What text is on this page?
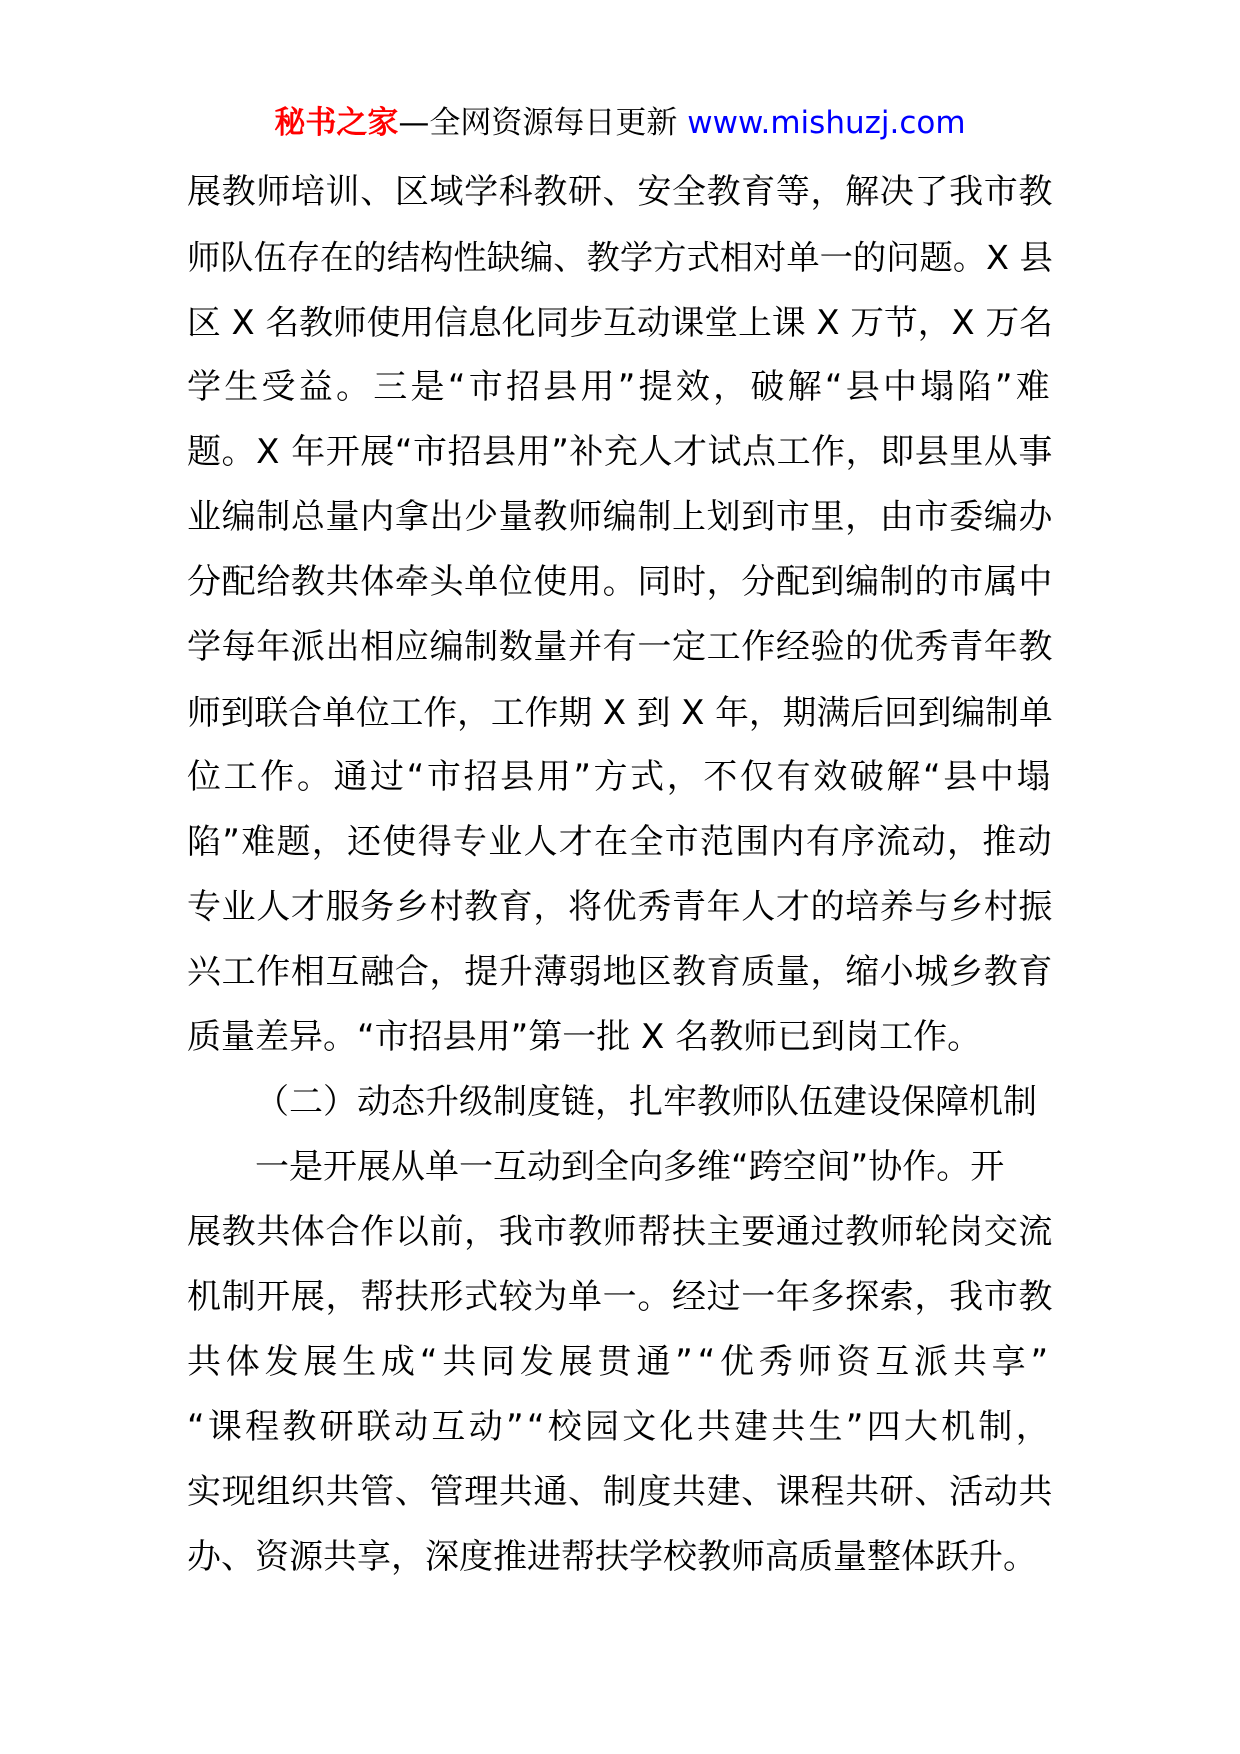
秘书之家—全网资源每日更新 www.mishuzj.com
展教师培训、区域学科教研、安全教育等，解决了我市教
师队伍存在的结构性缺编、教学方式相对单一的问题。X 县
区 X 名教师使用信息化同步互动课堂上课 X 万节，X 万名
学生受益。三是“市招县用”提效，破解“县中塌陷”难
题。X 年开展“市招县用”补充人才试点工作，即县里从事
业编制总量内拿出少量教师编制上划到市里，由市委编办
分配给教共体牵头单位使用。同时，分配到编制的市属中
学每年派出相应编制数量并有一定工作经验的优秀青年教
师到联合单位工作，工作期 X 到 X 年，期满后回到编制单
位工作。通过“市招县用”方式，不仅有效破解“县中塌
陷”难题，还使得专业人才在全市范围内有序流动，推动
专业人才服务乡村教育，将优秀青年人才的培养与乡村振
兴工作相互融合，提升薄弱地区教育质量，缩小城乡教育
质量差异。“市招县用”第一批 X 名教师已到岗工作。
（二）动态升级制度链，扎牢教师队伍建设保障机制
一是开展从单一互动到全向多维“跨空间”协作。开
展教共体合作以前，我市教师帮扶主要通过教师轮岗交流
机制开展，帮扶形式较为单一。经过一年多探索，我市教
共体发展生成“共同发展贯通”“优秀师资互派共享”
“课程教研联动互动”“校园文化共建共生”四大机制，
实现组织共管、管理共通、制度共建、课程共研、活动共
办、资源共享，深度推进帮扶学校教师高质量整体跃升。
